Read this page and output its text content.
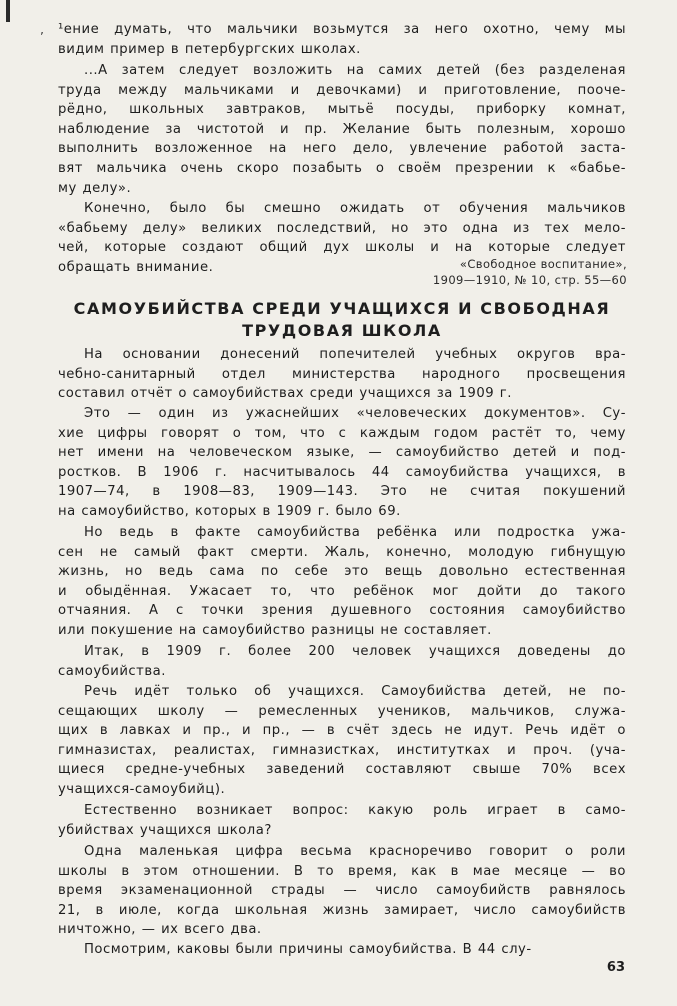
’ ¹ение думать, что мальчики возьмутся за него охотно, чему мы
видим пример в петербургских школах.
...А затем следует возложить на самих детей (без разделеная
труда между мальчиками и девочками) и приготовление, поочe-
рёдно, школьных завтраков, мытьё посуды, приборку комнат,
наблюдение за чистотой и пр. Желание быть полезным, хорошо
выполнить возложенное на него дело, увлечение работой заста-
вят мальчика очень скоро позабыть о своём презрении к «бабье-
му делу».
Конечно, было бы смешно ожидать от обучения мальчиков
«бабьему делу» великих последствий, но это одна из тех мело-
чей, которые создают общий дух школы и на которые следует
обращать внимание.	«Свободное воспитание»,
1909—1910, № 10, стр. 55—60
САМОУБИЙСТВА СРЕДИ УЧАЩИХСЯ И СВОБОДНАЯ
ТРУДОВАЯ ШКОЛА
На основании донесений попечителей учебных округов вра-
чебно-санитарный отдел министерства народного просвещения
составил отчёт о самоубийствах среди учащихся за 1909 г.
Это — один из ужаснейших «человеческих документов». Су-
хие цифры говорят о том, что с каждым годом растёт то, чему
нет имени на человеческом языке, — самоубийство детей и под-
ростков. В 1906 г. насчитывалось 44 самоубийства учащихся, в
1907—74, в 1908—83, 1909—143. Это не считая покушений
на самоубийство, которых в 1909 г. было 69.
Но ведь в факте самоубийства ребёнка или подростка ужа-
сен не самый факт смерти. Жаль, конечно, молодую гибнущую
жизнь, но ведь сама по себе это вещь довольно естественная
и обыдённая. Ужасает то, что ребёнок мог дойти до такого
отчаяния. А с точки зрения душевного состояния самоубийство
или покушение на самоубийство разницы не составляет.
Итак, в 1909 г. более 200 человек учащихся доведены до
самоубийства.
Речь идёт только об учащихся. Самоубийства детей, не по-
сещающих школу — ремесленных учеников, мальчиков, служа-
щих в лавках и пр., и пр., — в счёт здесь не идут. Речь идёт о
гимназистах, реалистах, гимназистках, институтках и проч. (уча-
щиеся средне-учебных заведений составляют свыше 70% всех
учащихся-самоубийц).
Естественно возникает вопрос: какую роль играет в само-
убийствах учащихся школа?
Одна маленькая цифра весьма красноречиво говорит о роли
школы в этом отношении. В то время, как в мае месяце — во
время экзаменационной страды — число самоубийств равнялось
21, в июле, когда школьная жизнь замирает, число самоубийств
ничтожно, — их всего два.
Посмотрим, каковы были причины самоубийства. В 44 слу-
63
